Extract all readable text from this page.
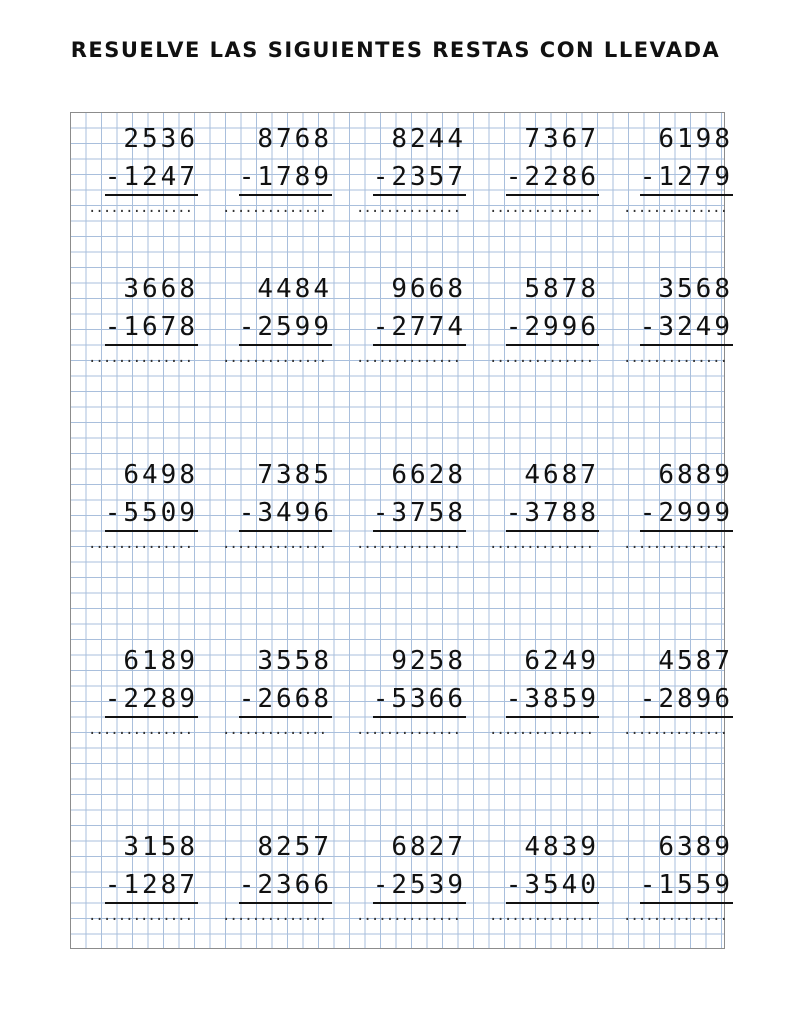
RESUELVE LAS SIGUIENTES RESTAS CON LLEVADA
2536
-1247
..............
8768
-1789
..............
8244
-2357
..............
7367
-2286
..............
6198
-1279
..............
3668
-1678
..............
4484
-2599
..............
9668
-2774
..............
5878
-2996
..............
3568
-3249
..............
6498
-5509
..............
7385
-3496
..............
6628
-3758
..............
4687
-3788
..............
6889
-2999
..............
6189
-2289
..............
3558
-2668
..............
9258
-5366
..............
6249
-3859
..............
4587
-2896
..............
3158
-1287
..............
8257
-2366
..............
6827
-2539
..............
4839
-3540
..............
6389
-1559
..............
